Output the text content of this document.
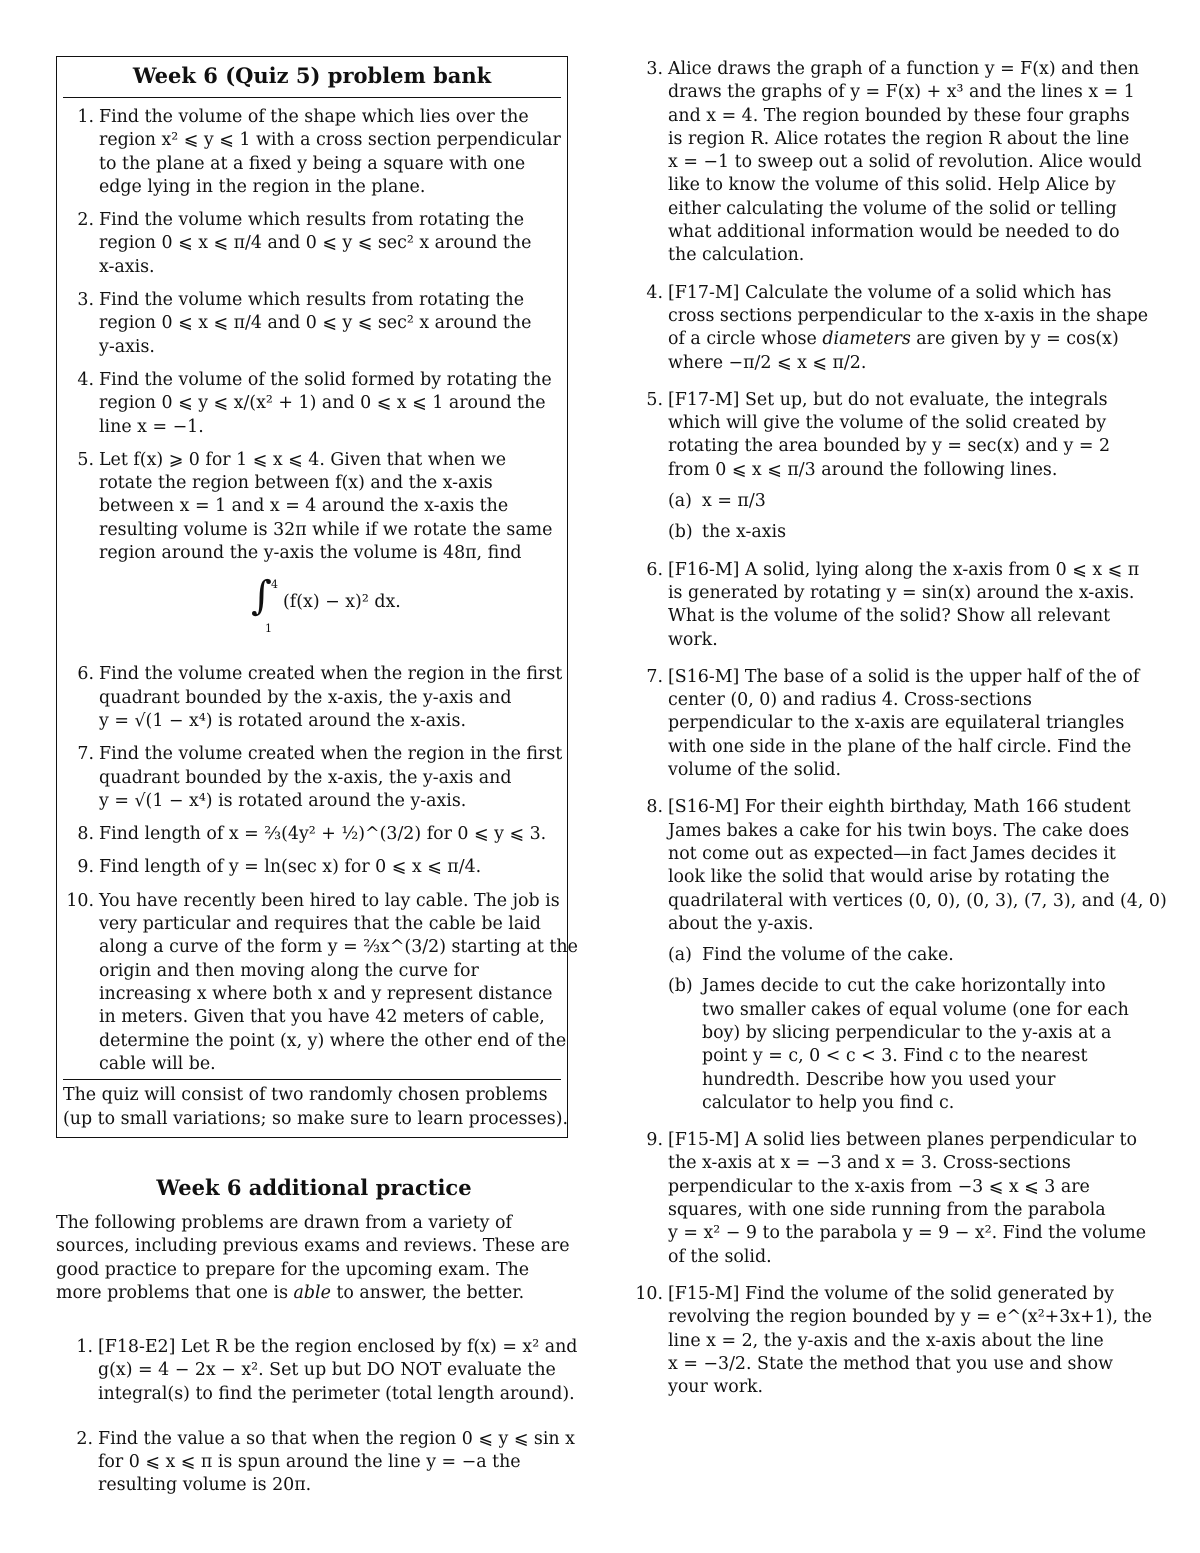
Week 6 (Quiz 5) problem bank
1. Find the volume of the shape which lies over the
region x² ⩽ y ⩽ 1 with a cross section perpendicular
to the plane at a fixed y being a square with one
edge lying in the region in the plane.
2. Find the volume which results from rotating the
region 0 ⩽ x ⩽ π/4 and 0 ⩽ y ⩽ sec² x around the
x-axis.
3. Find the volume which results from rotating the
region 0 ⩽ x ⩽ π/4 and 0 ⩽ y ⩽ sec² x around the
y-axis.
4. Find the volume of the solid formed by rotating the
region 0 ⩽ y ⩽ x/(x² + 1) and 0 ⩽ x ⩽ 1 around the
line x = −1.
5. Let f(x) ⩾ 0 for 1 ⩽ x ⩽ 4. Given that when we
rotate the region between f(x) and the x-axis
between x = 1 and x = 4 around the x-axis the
resulting volume is 32π while if we rotate the same
region around the y-axis the volume is 48π, find
∫ 4
1
(f(x) − x)² dx.
6. Find the volume created when the region in the first
quadrant bounded by the x-axis, the y-axis and
y = √(1 − x⁴) is rotated around the x-axis.
7. Find the volume created when the region in the first
quadrant bounded by the x-axis, the y-axis and
y = √(1 − x⁴) is rotated around the y-axis.
8. Find length of x = ⅔(4y² + ½)^(3/2) for 0 ⩽ y ⩽ 3.
9. Find length of y = ln(sec x) for 0 ⩽ x ⩽ π/4.
10. You have recently been hired to lay cable. The job is
very particular and requires that the cable be laid
along a curve of the form y = ⅔x^(3/2) starting at the
origin and then moving along the curve for
increasing x where both x and y represent distance
in meters. Given that you have 42 meters of cable,
determine the point (x, y) where the other end of the
cable will be.
The quiz will consist of two randomly chosen problems
(up to small variations; so make sure to learn processes).
Week 6 additional practice
The following problems are drawn from a variety of
sources, including previous exams and reviews. These are
good practice to prepare for the upcoming exam. The
more problems that one is able to answer, the better.
1. [F18-E2] Let R be the region enclosed by f(x) = x² and
g(x) = 4 − 2x − x². Set up but DO NOT evaluate the
integral(s) to find the perimeter (total length around).
2. Find the value a so that when the region 0 ⩽ y ⩽ sin x
for 0 ⩽ x ⩽ π is spun around the line y = −a the
resulting volume is 20π.
3. Alice draws the graph of a function y = F(x) and then
draws the graphs of y = F(x) + x³ and the lines x = 1
and x = 4. The region bounded by these four graphs
is region R. Alice rotates the region R about the line
x = −1 to sweep out a solid of revolution. Alice would
like to know the volume of this solid. Help Alice by
either calculating the volume of the solid or telling
what additional information would be needed to do
the calculation.
4. [F17-M] Calculate the volume of a solid which has
cross sections perpendicular to the x-axis in the shape
of a circle whose diameters are given by y = cos(x)
where −π/2 ⩽ x ⩽ π/2.
5. [F17-M] Set up, but do not evaluate, the integrals
which will give the volume of the solid created by
rotating the area bounded by y = sec(x) and y = 2
from 0 ⩽ x ⩽ π/3 around the following lines.
(a) x = π/3
(b) the x-axis
6. [F16-M] A solid, lying along the x-axis from 0 ⩽ x ⩽ π
is generated by rotating y = sin(x) around the x-axis.
What is the volume of the solid? Show all relevant
work.
7. [S16-M] The base of a solid is the upper half of the of
center (0, 0) and radius 4. Cross-sections
perpendicular to the x-axis are equilateral triangles
with one side in the plane of the half circle. Find the
volume of the solid.
8. [S16-M] For their eighth birthday, Math 166 student
James bakes a cake for his twin boys. The cake does
not come out as expected—in fact James decides it
look like the solid that would arise by rotating the
quadrilateral with vertices (0, 0), (0, 3), (7, 3), and (4, 0)
about the y-axis.
(a) Find the volume of the cake.
(b) James decide to cut the cake horizontally into
two smaller cakes of equal volume (one for each
boy) by slicing perpendicular to the y-axis at a
point y = c, 0 < c < 3. Find c to the nearest
hundredth. Describe how you used your
calculator to help you find c.
9. [F15-M] A solid lies between planes perpendicular to
the x-axis at x = −3 and x = 3. Cross-sections
perpendicular to the x-axis from −3 ⩽ x ⩽ 3 are
squares, with one side running from the parabola
y = x² − 9 to the parabola y = 9 − x². Find the volume
of the solid.
10. [F15-M] Find the volume of the solid generated by
revolving the region bounded by y = e^(x²+3x+1), the
line x = 2, the y-axis and the x-axis about the line
x = −3/2. State the method that you use and show
your work.
